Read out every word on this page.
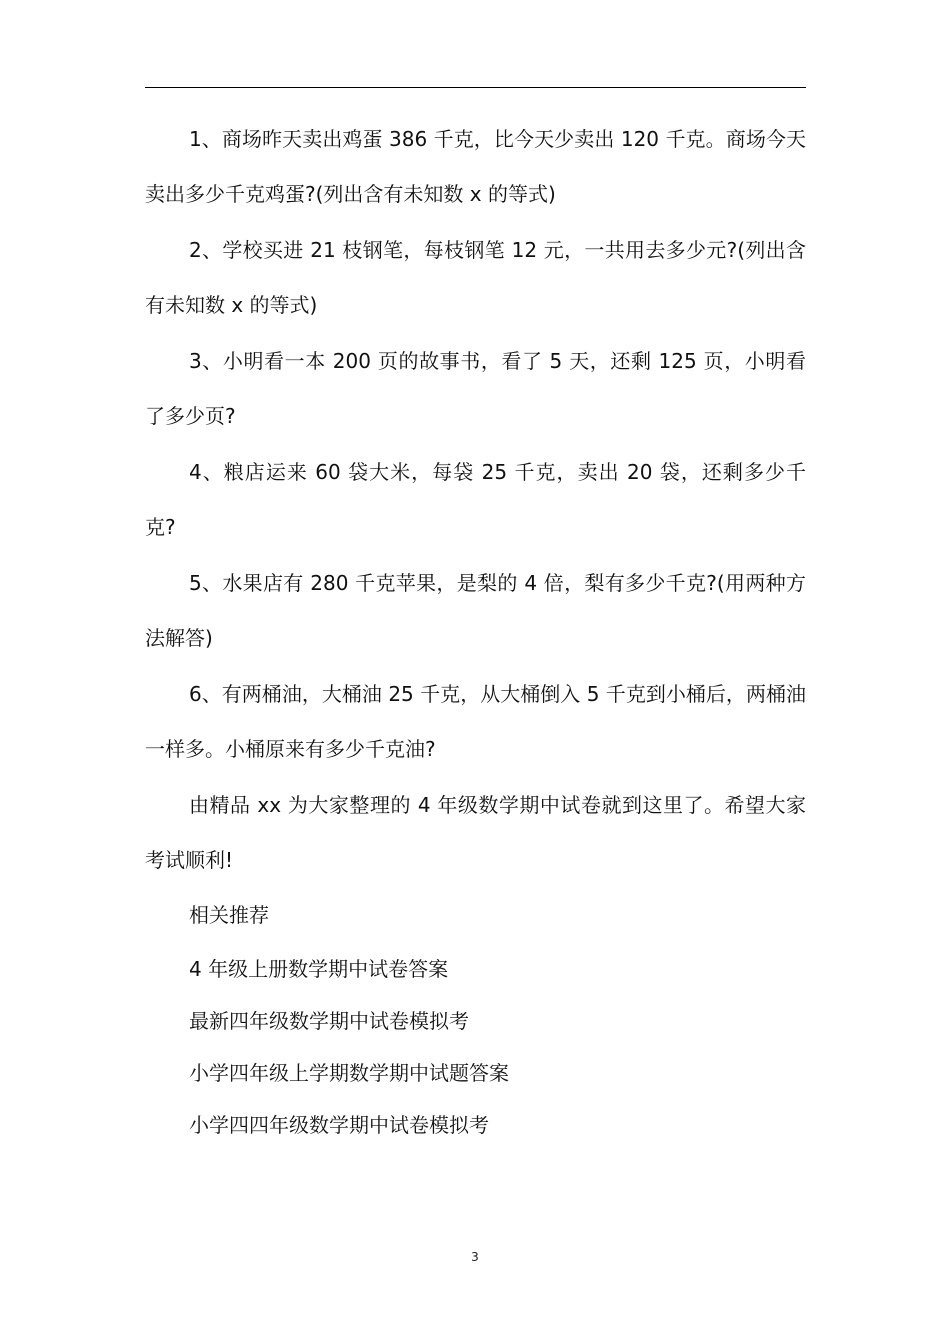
1、商场昨天卖出鸡蛋 386 千克，比今天少卖出 120 千克。商场今天卖出多少千克鸡蛋?(列出含有未知数 x 的等式)

2、学校买进 21 枝钢笔，每枝钢笔 12 元，一共用去多少元?(列出含有未知数 x 的等式)

3、小明看一本 200 页的故事书，看了 5 天，还剩 125 页，小明看了多少页?

4、粮店运来 60 袋大米，每袋 25 千克，卖出 20 袋，还剩多少千克?

5、水果店有 280 千克苹果，是梨的 4 倍，梨有多少千克?(用两种方法解答)

6、有两桶油，大桶油 25 千克，从大桶倒入 5 千克到小桶后，两桶油一样多。小桶原来有多少千克油?

由精品 xx 为大家整理的 4 年级数学期中试卷就到这里了。希望大家考试顺利!

相关推荐
4 年级上册数学期中试卷答案
最新四年级数学期中试卷模拟考
小学四年级上学期数学期中试题答案
小学四四年级数学期中试卷模拟考
3
